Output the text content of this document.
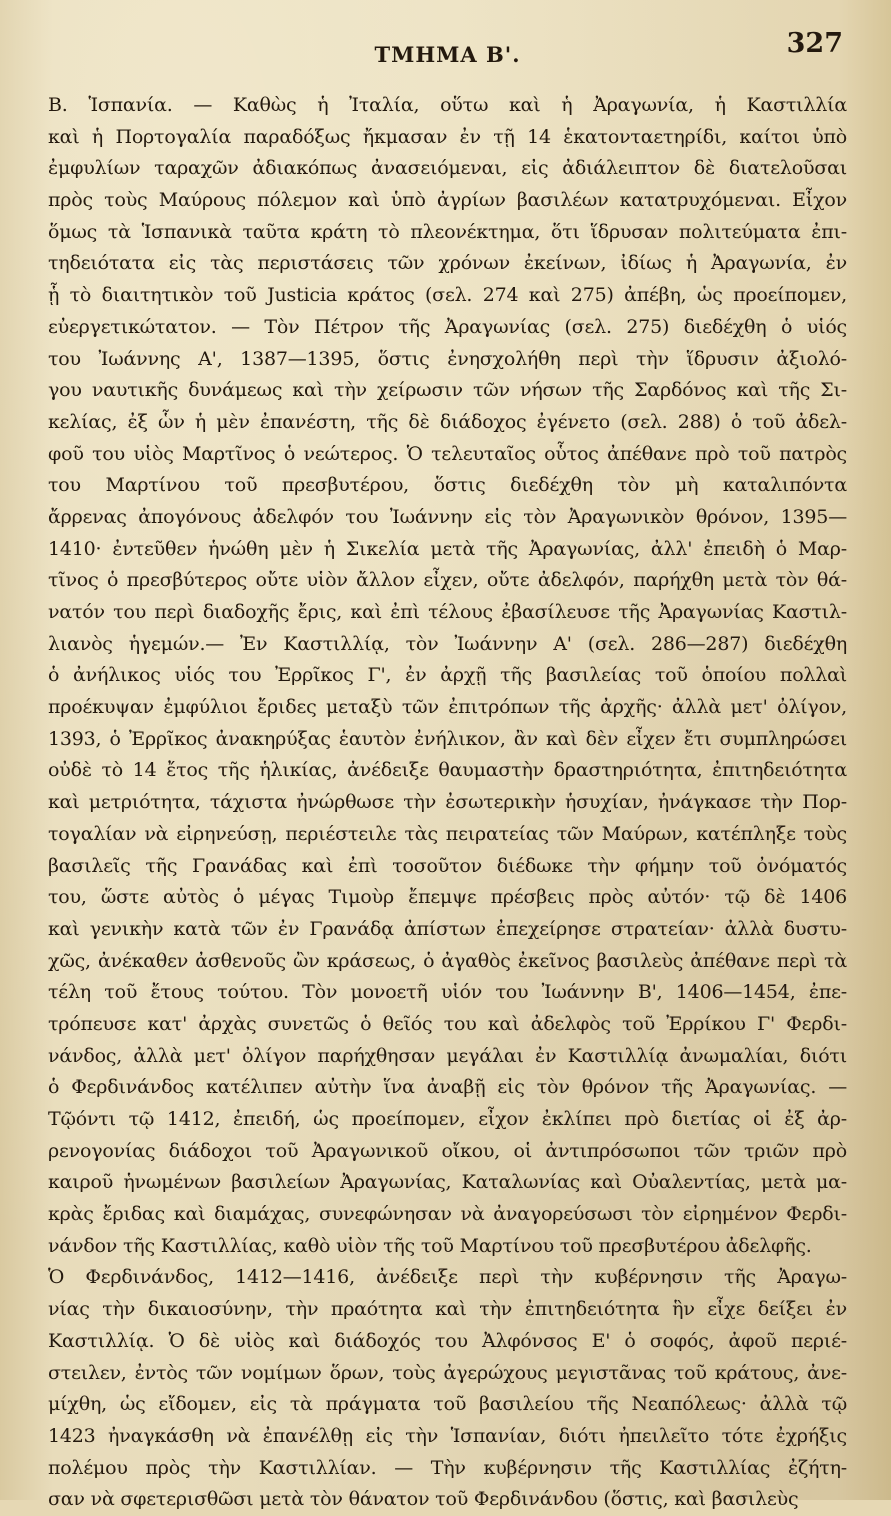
ΤΜΗΜΑ Β'.	327
Β. Ἱσπανία. — Καθὼς ἡ Ἰταλία, οὕτω καὶ ἡ Ἀραγωνία, ἡ Καστιλλία
καὶ ἡ Πορτογαλία παραδόξως ἤκμασαν ἐν τῇ 14 ἑκατονταετηρίδι, καίτοι ὑπὸ
ἐμφυλίων ταραχῶν ἀδιακόπως ἀνασειόμεναι, εἰς ἀδιάλειπτον δὲ διατελοῦσαι
πρὸς τοὺς Μαύρους πόλεμον καὶ ὑπὸ ἀγρίων βασιλέων κατατρυχόμεναι. Εἶχον
ὅμως τὰ Ἱσπανικὰ ταῦτα κράτη τὸ πλεονέκτημα, ὅτι ἵδρυσαν πολιτεύματα ἐπι-
τηδειότατα εἰς τὰς περιστάσεις τῶν χρόνων ἐκείνων, ἰδίως ἡ Ἀραγωνία, ἐν
ᾗ τὸ διαιτητικὸν τοῦ Justicia κράτος (σελ. 274 καὶ 275) ἀπέβη, ὡς προείπομεν,
εὐεργετικώτατον. — Τὸν Πέτρον τῆς Ἀραγωνίας (σελ. 275) διεδέχθη ὁ υἱός
του Ἰωάννης Α', 1387—1395, ὅστις ἐνησχολήθη περὶ τὴν ἵδρυσιν ἀξιολό-
γου ναυτικῆς δυνάμεως καὶ τὴν χείρωσιν τῶν νήσων τῆς Σαρδόνος καὶ τῆς Σι-
κελίας, ἐξ ὧν ἡ μὲν ἐπανέστη, τῆς δὲ διάδοχος ἐγένετο (σελ. 288) ὁ τοῦ ἀδελ-
φοῦ του υἱὸς Μαρτῖνος ὁ νεώτερος. Ὁ τελευταῖος οὗτος ἀπέθανε πρὸ τοῦ πατρὸς
του Μαρτίνου τοῦ πρεσβυτέρου, ὅστις διεδέχθη τὸν μὴ καταλιπόντα
ἄρρενας ἀπογόνους ἀδελφόν του Ἰωάννην εἰς τὸν Ἀραγωνικὸν θρόνον, 1395—
1410· ἐντεῦθεν ἡνώθη μὲν ἡ Σικελία μετὰ τῆς Ἀραγωνίας, ἀλλ' ἐπειδὴ ὁ Μαρ-
τῖνος ὁ πρεσβύτερος οὔτε υἱὸν ἄλλον εἶχεν, οὔτε ἀδελφόν, παρήχθη μετὰ τὸν θά-
νατόν του περὶ διαδοχῆς ἔρις, καὶ ἐπὶ τέλους ἐβασίλευσε τῆς Ἀραγωνίας Καστιλ-
λιανὸς ἡγεμών.— Ἐν Καστιλλίᾳ, τὸν Ἰωάννην Α' (σελ. 286—287) διεδέχθη
ὁ ἀνήλικος υἱός του Ἐρρῖκος Γ', ἐν ἀρχῇ τῆς βασιλείας τοῦ ὁποίου πολλαὶ
προέκυψαν ἐμφύλιοι ἔριδες μεταξὺ τῶν ἐπιτρόπων τῆς ἀρχῆς· ἀλλὰ μετ' ὀλίγον,
1393, ὁ Ἐρρῖκος ἀνακηρύξας ἑαυτὸν ἐνήλικον, ἂν καὶ δὲν εἶχεν ἔτι συμπληρώσει
οὐδὲ τὸ 14 ἔτος τῆς ἡλικίας, ἀνέδειξε θαυμαστὴν δραστηριότητα, ἐπιτηδειότητα
καὶ μετριότητα, τάχιστα ἠνώρθωσε τὴν ἐσωτερικὴν ἡσυχίαν, ἠνάγκασε τὴν Πορ-
τογαλίαν νὰ εἰρηνεύσῃ, περιέστειλε τὰς πειρατείας τῶν Μαύρων, κατέπληξε τοὺς
βασιλεῖς τῆς Γρανάδας καὶ ἐπὶ τοσοῦτον διέδωκε τὴν φήμην τοῦ ὀνόματός
του, ὥστε αὐτὸς ὁ μέγας Τιμοὺρ ἔπεμψε πρέσβεις πρὸς αὐτόν· τῷ δὲ 1406
καὶ γενικὴν κατὰ τῶν ἐν Γρανάδᾳ ἀπίστων ἐπεχείρησε στρατείαν· ἀλλὰ δυστυ-
χῶς, ἀνέκαθεν ἀσθενοῦς ὢν κράσεως, ὁ ἀγαθὸς ἐκεῖνος βασιλεὺς ἀπέθανε περὶ τὰ
τέλη τοῦ ἔτους τούτου. Τὸν μονοετῆ υἱόν του Ἰωάννην Β', 1406—1454, ἐπε-
τρόπευσε κατ' ἀρχὰς συνετῶς ὁ θεῖός του καὶ ἀδελφὸς τοῦ Ἐρρίκου Γ' Φερδι-
νάνδος, ἀλλὰ μετ' ὀλίγον παρήχθησαν μεγάλαι ἐν Καστιλλίᾳ ἀνωμαλίαι, διότι
ὁ Φερδινάνδος κατέλιπεν αὐτὴν ἵνα ἀναβῇ εἰς τὸν θρόνον τῆς Ἀραγωνίας. —
Τῷόντι τῷ 1412, ἐπειδή, ὡς προείπομεν, εἶχον ἐκλίπει πρὸ διετίας οἱ ἐξ ἀρ-
ρενογονίας διάδοχοι τοῦ Ἀραγωνικοῦ οἴκου, οἱ ἀντιπρόσωποι τῶν τριῶν πρὸ
καιροῦ ἡνωμένων βασιλείων Ἀραγωνίας, Καταλωνίας καὶ Οὐαλεντίας, μετὰ μα-
κρὰς ἔριδας καὶ διαμάχας, συνεφώνησαν νὰ ἀναγορεύσωσι τὸν εἰρημένον Φερδι-
νάνδον τῆς Καστιλλίας, καθὸ υἱὸν τῆς τοῦ Μαρτίνου τοῦ πρεσβυτέρου ἀδελφῆς.
Ὁ Φερδινάνδος, 1412—1416, ἀνέδειξε περὶ τὴν κυβέρνησιν τῆς Ἀραγω-
νίας τὴν δικαιοσύνην, τὴν πραότητα καὶ τὴν ἐπιτηδειότητα ἣν εἶχε δείξει ἐν
Καστιλλίᾳ. Ὁ δὲ υἱὸς καὶ διάδοχός του Ἀλφόνσος Ε' ὁ σοφός, ἀφοῦ περιέ-
στειλεν, ἐντὸς τῶν νομίμων ὅρων, τοὺς ἀγερώχους μεγιστᾶνας τοῦ κράτους, ἀνε-
μίχθη, ὡς εἴδομεν, εἰς τὰ πράγματα τοῦ βασιλείου τῆς Νεαπόλεως· ἀλλὰ τῷ
1423 ἠναγκάσθη νὰ ἐπανέλθῃ εἰς τὴν Ἱσπανίαν, διότι ἠπειλεῖτο τότε ἐχρήξις
πολέμου πρὸς τὴν Καστιλλίαν. — Τὴν κυβέρνησιν τῆς Καστιλλίας ἐζήτη-
σαν νὰ σφετερισθῶσι μετὰ τὸν θάνατον τοῦ Φερδινάνδου (ὅστις, καὶ βασιλεὺς
